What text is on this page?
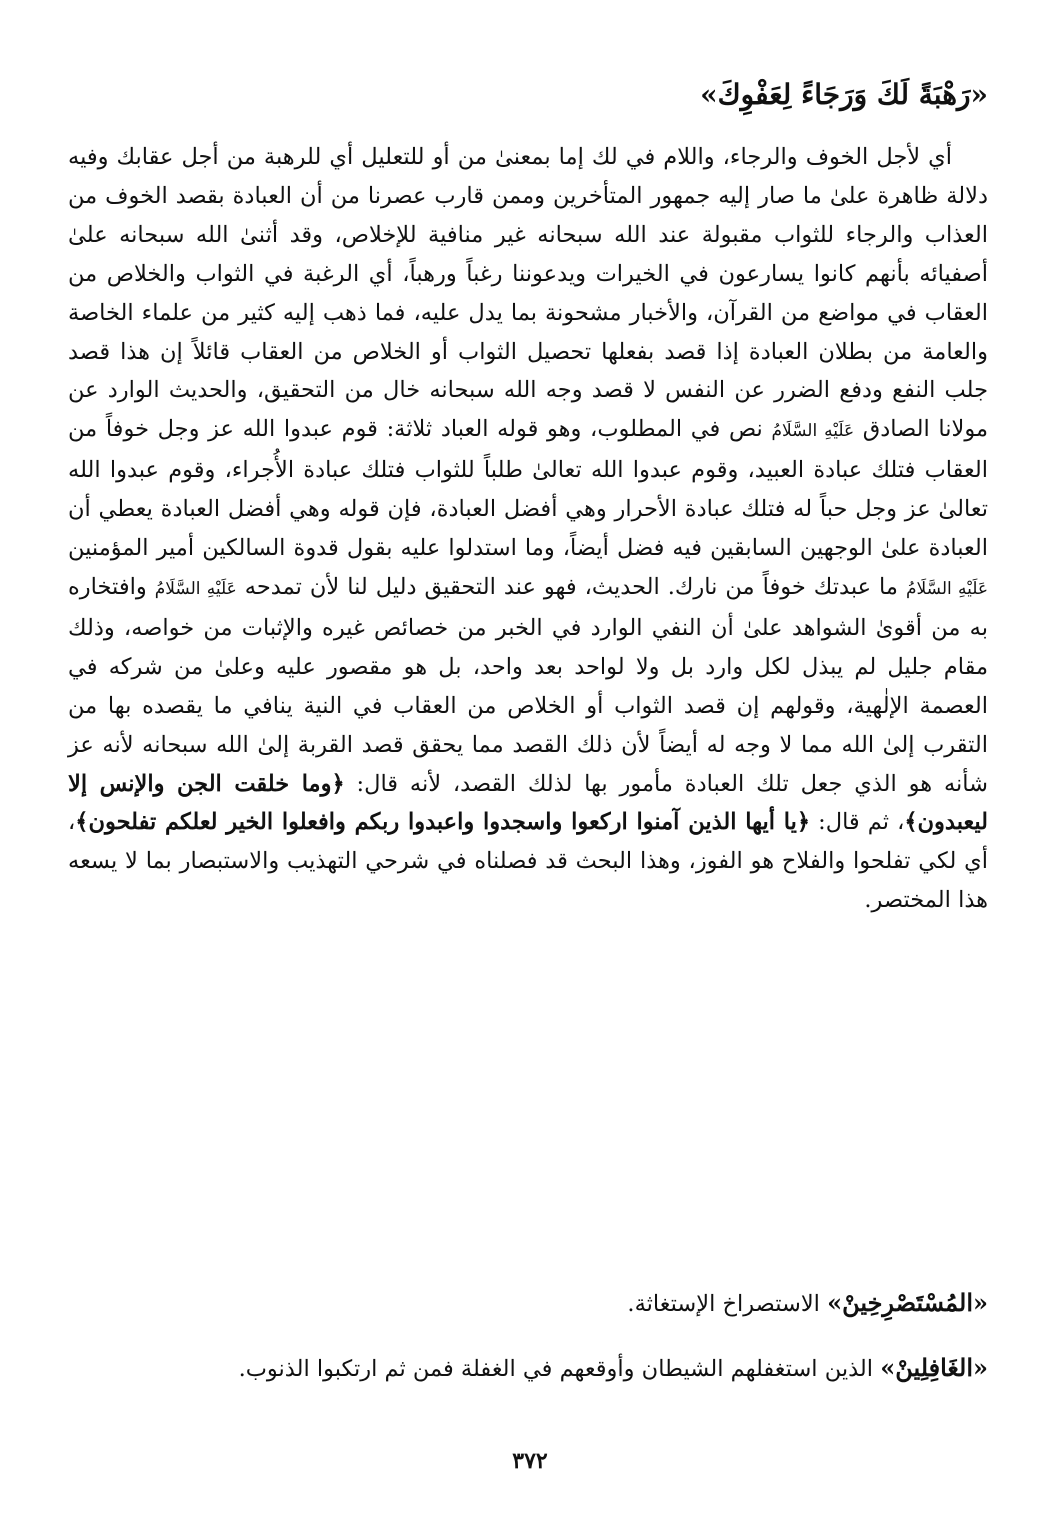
«رَهْبَةً لَكَ وَرَجَاءً لِعَفْوِكَ»

أي لأجل الخوف والرجاء، واللام في لك إما بمعنىٰ من أو للتعليل أي للرهبة من أجل عقابك وفيه دلالة ظاهرة علىٰ ما صار إليه جمهور المتأخرين وممن قارب عصرنا من أن العبادة بقصد الخوف من العذاب والرجاء للثواب مقبولة عند الله سبحانه غير منافية للإخلاص، وقد أثنىٰ الله سبحانه علىٰ أصفيائه بأنهم كانوا يسارعون في الخيرات ويدعوننا رغباً ورهباً، أي الرغبة في الثواب والخلاص من العقاب في مواضع من القرآن، والأخبار مشحونة بما يدل عليه، فما ذهب إليه كثير من علماء الخاصة والعامة من بطلان العبادة إذا قصد بفعلها تحصيل الثواب أو الخلاص من العقاب قائلاً إن هذا قصد جلب النفع ودفع الضرر عن النفس لا قصد وجه الله سبحانه خال من التحقيق، والحديث الوارد عن مولانا الصادق عَلَيْهِ السَّلَامُ نص في المطلوب، وهو قوله العباد ثلاثة: قوم عبدوا الله عز وجل خوفاً من العقاب فتلك عبادة العبيد، وقوم عبدوا الله تعالىٰ طلباً للثواب فتلك عبادة الأُجراء، وقوم عبدوا الله تعالىٰ عز وجل حباً له فتلك عبادة الأحرار وهي أفضل العبادة، فإن قوله وهي أفضل العبادة يعطي أن العبادة علىٰ الوجهين السابقين فيه فضل أيضاً، وما استدلوا عليه بقول قدوة السالكين أمير المؤمنين عَلَيْهِ السَّلَامُ ما عبدتك خوفاً من نارك. الحديث، فهو عند التحقيق دليل لنا لأن تمدحه عَلَيْهِ السَّلَامُ وافتخاره به من أقوىٰ الشواهد علىٰ أن النفي الوارد في الخبر من خصائص غيره والإثبات من خواصه، وذلك مقام جليل لم يبذل لكل وارد بل ولا لواحد بعد واحد، بل هو مقصور عليه وعلىٰ من شركه في العصمة الإلٰهية، وقولهم إن قصد الثواب أو الخلاص من العقاب في النية ينافي ما يقصده بها من التقرب إلىٰ الله مما لا وجه له أيضاً لأن ذلك القصد مما يحقق قصد القربة إلىٰ الله سبحانه لأنه عز شأنه هو الذي جعل تلك العبادة مأمور بها لذلك القصد، لأنه قال: ﴿وما خلقت الجن والإنس إلا ليعبدون﴾، ثم قال: ﴿يا أيها الذين آمنوا اركعوا واسجدوا واعبدوا ربكم وافعلوا الخير لعلكم تفلحون﴾، أي لكي تفلحوا والفلاح هو الفوز، وهذا البحث قد فصلناه في شرحي التهذيب والاستبصار بما لا يسعه هذا المختصر.

«المُسْتَصْرِخِينْ» الاستصراخ الإستغاثة.

«الغَافِلِينْ» الذين استغفلهم الشيطان وأوقعهم في الغفلة فمن ثم ارتكبوا الذنوب.

٣٧٢
